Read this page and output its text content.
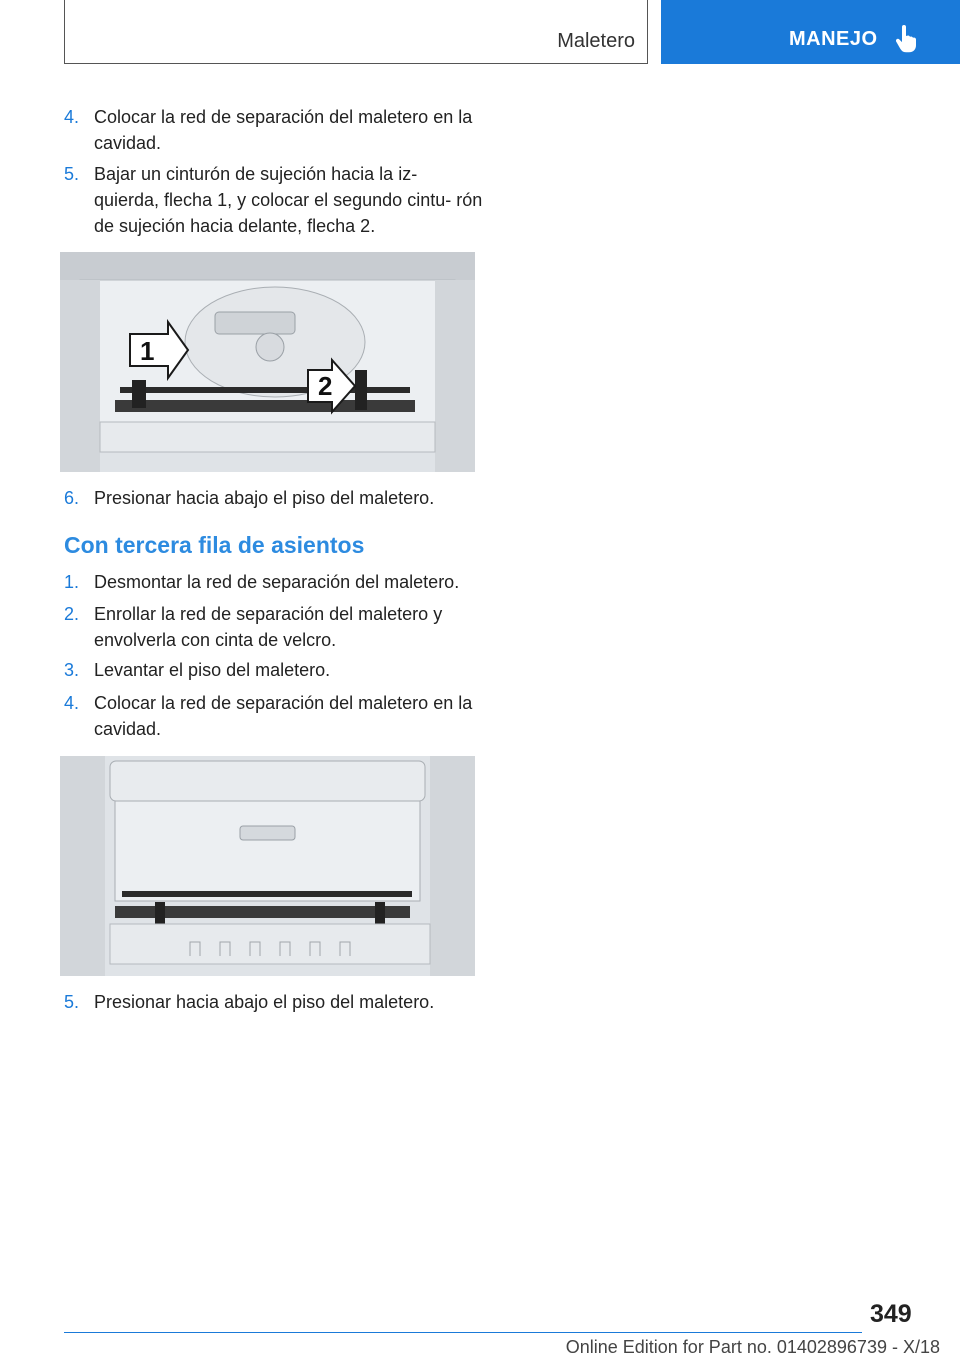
Maletero	MANEJO
4. Colocar la red de separación del maletero en la cavidad.
5. Bajar un cinturón de sujeción hacia la iz- quierda, flecha 1, y colocar el segundo cintu- rón de sujeción hacia delante, flecha 2.
1
2
6. Presionar hacia abajo el piso del maletero.
Con tercera fila de asientos
1. Desmontar la red de separación del maletero.
2. Enrollar la red de separación del maletero y envolverla con cinta de velcro.
3. Levantar el piso del maletero.
4. Colocar la red de separación del maletero en la cavidad.
5. Presionar hacia abajo el piso del maletero.
349
Online Edition for Part no. 01402896739 - X/18
